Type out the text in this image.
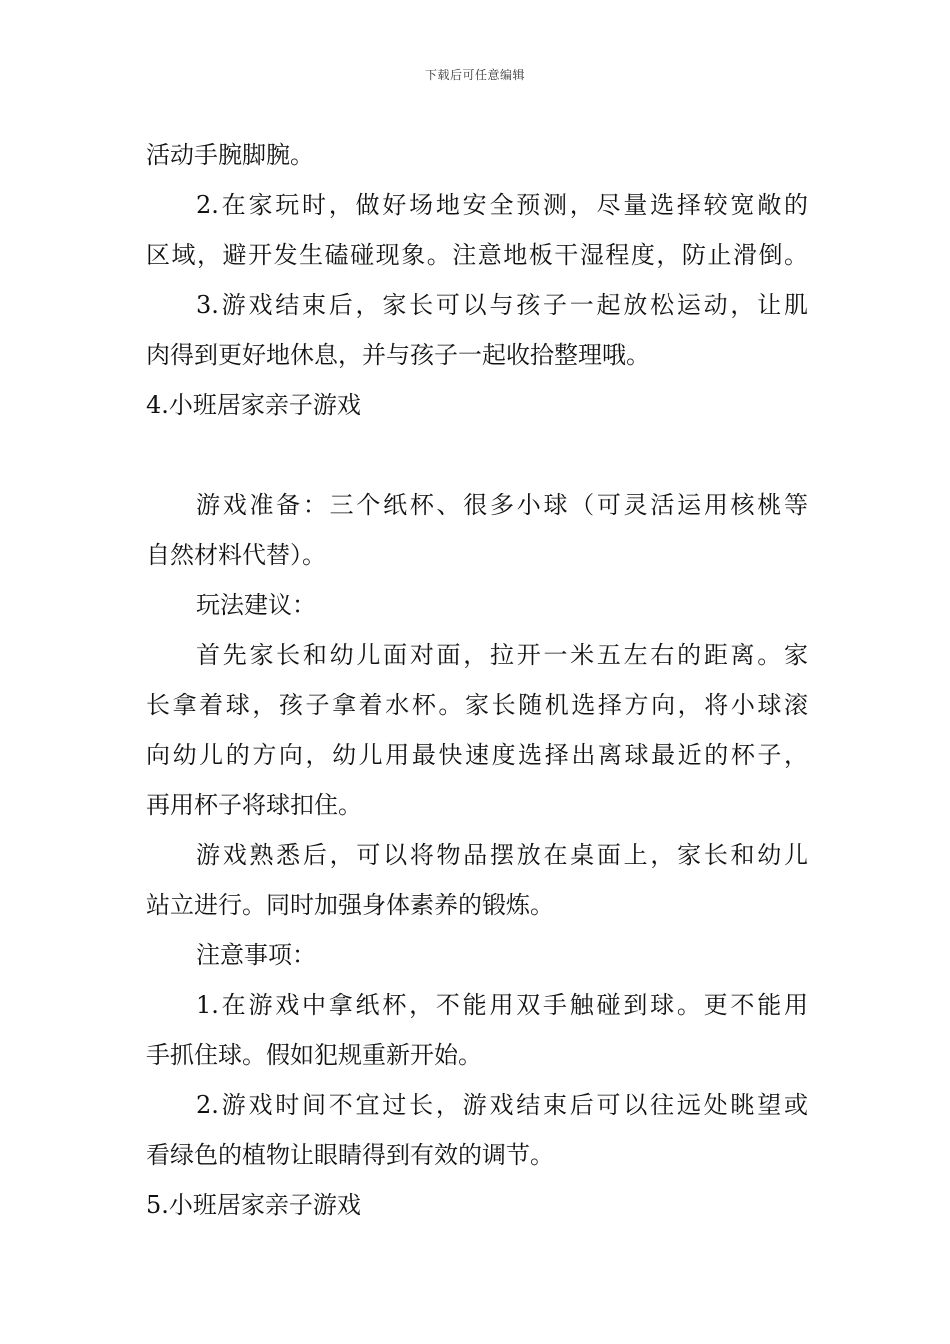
下载后可任意编辑
活动手腕脚腕。
2.在家玩时，做好场地安全预测，尽量选择较宽敞的
区域，避开发生磕碰现象。注意地板干湿程度，防止滑倒。
3.游戏结束后，家长可以与孩子一起放松运动，让肌
肉得到更好地休息，并与孩子一起收拾整理哦。
4.小班居家亲子游戏
游戏准备：三个纸杯、很多小球（可灵活运用核桃等
自然材料代替）。
玩法建议：
首先家长和幼儿面对面，拉开一米五左右的距离。家
长拿着球，孩子拿着水杯。家长随机选择方向，将小球滚
向幼儿的方向，幼儿用最快速度选择出离球最近的杯子，
再用杯子将球扣住。
游戏熟悉后，可以将物品摆放在桌面上，家长和幼儿
站立进行。同时加强身体素养的锻炼。
注意事项：
1.在游戏中拿纸杯，不能用双手触碰到球。更不能用
手抓住球。假如犯规重新开始。
2.游戏时间不宜过长，游戏结束后可以往远处眺望或
看绿色的植物让眼睛得到有效的调节。
5.小班居家亲子游戏
